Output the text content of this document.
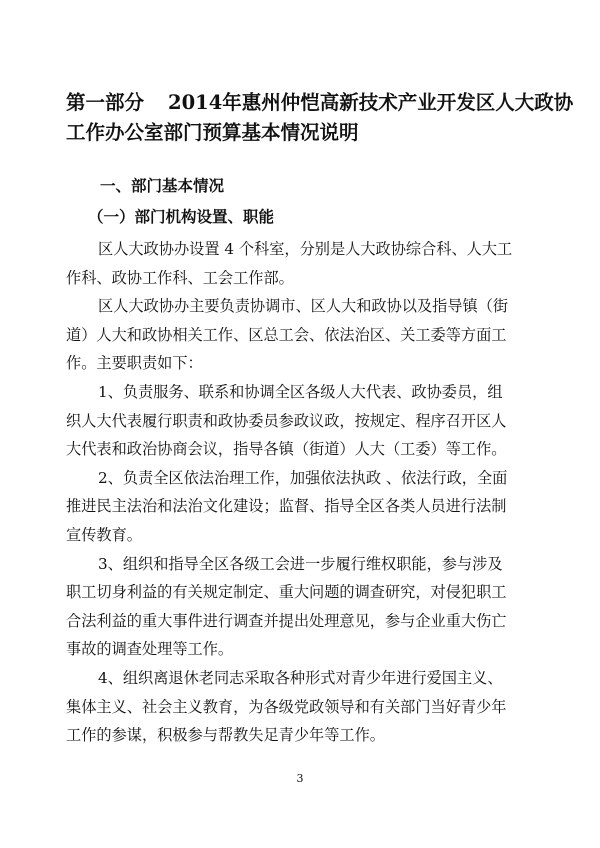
第一部分 2014年惠州仲恺高新技术产业开发区人大政协
工作办公室部门预算基本情况说明
一、部门基本情况
（一）部门机构设置、职能

区人大政协办设置 4 个科室，分别是人大政协综合科、人大工
作科、政协工作科、工会工作部。

区人大政协办主要负责协调市、区人大和政协以及指导镇（街
道）人大和政协相关工作、区总工会、依法治区、关工委等方面工
作。主要职责如下：

1、负责服务、联系和协调全区各级人大代表、政协委员，组
织人大代表履行职责和政协委员参政议政，按规定、程序召开区人
大代表和政治协商会议，指导各镇（街道）人大（工委）等工作。

2、负责全区依法治理工作，加强依法执政 、依法行政，全面
推进民主法治和法治文化建设；监督、指导全区各类人员进行法制
宣传教育。

3、组织和指导全区各级工会进一步履行维权职能，参与涉及
职工切身利益的有关规定制定、重大问题的调查研究，对侵犯职工
合法利益的重大事件进行调查并提出处理意见，参与企业重大伤亡
事故的调查处理等工作。

4、组织离退休老同志采取各种形式对青少年进行爱国主义、
集体主义、社会主义教育，为各级党政领导和有关部门当好青少年
工作的参谋，积极参与帮教失足青少年等工作。

3
